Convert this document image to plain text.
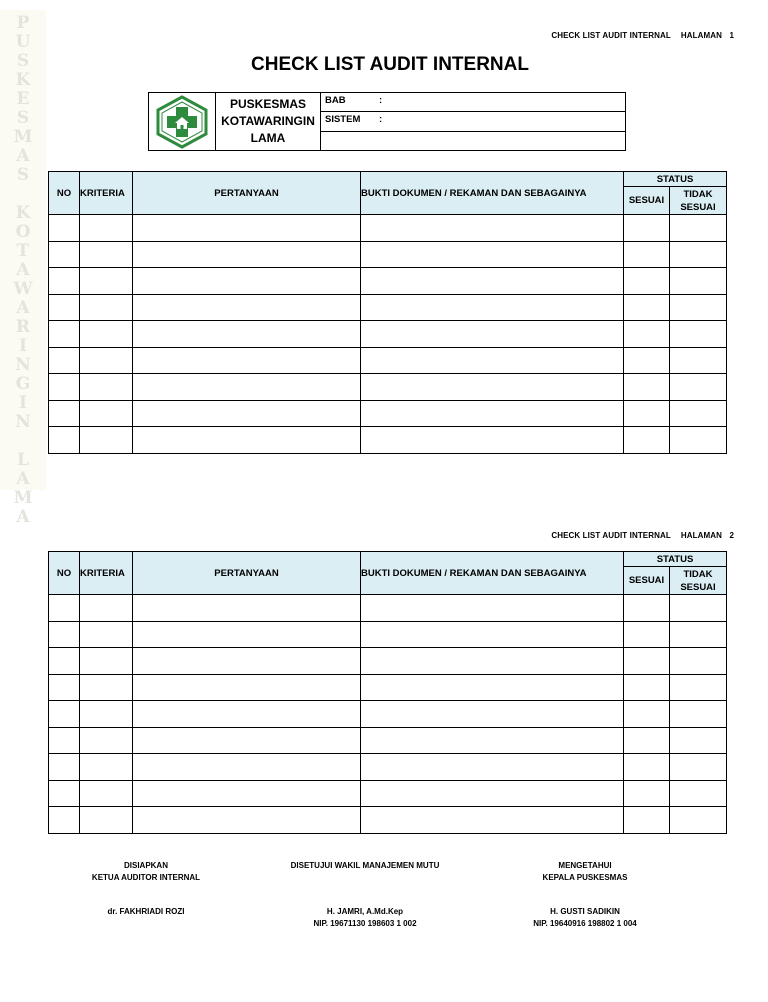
P
U
S
K
E
S
M
A
S
K
O
T
A
W
A
R
I
N
G
I
N
L
A
M
A
CHECK LIST AUDIT INTERNAL HALAMAN 1
CHECK LIST AUDIT INTERNAL
PUSKESMAS
KOTAWARINGIN
LAMA
BAB	:
SISTEM	:
NO	KRITERIA	PERTANYAAN	BUKTI DOKUMEN / REKAMAN DAN SEBAGAINYA	STATUS	
				SESUAI	TIDAK
SESUAI

CHECK LIST AUDIT INTERNAL HALAMAN 2
NO	KRITERIA	PERTANYAAN	BUKTI DOKUMEN / REKAMAN DAN SEBAGAINYA	STATUS	
				SESUAI	TIDAK
SESUAI

DISIAPKAN
KETUA AUDITOR INTERNAL
dr. FAKHRIADI ROZI
DISETUJUI WAKIL MANAJEMEN MUTU
H. JAMRI, A.Md.Kep
NIP. 19671130 198603 1 002
MENGETAHUI
KEPALA PUSKESMAS
H. GUSTI SADIKIN
NIP. 19640916 198802 1 004
